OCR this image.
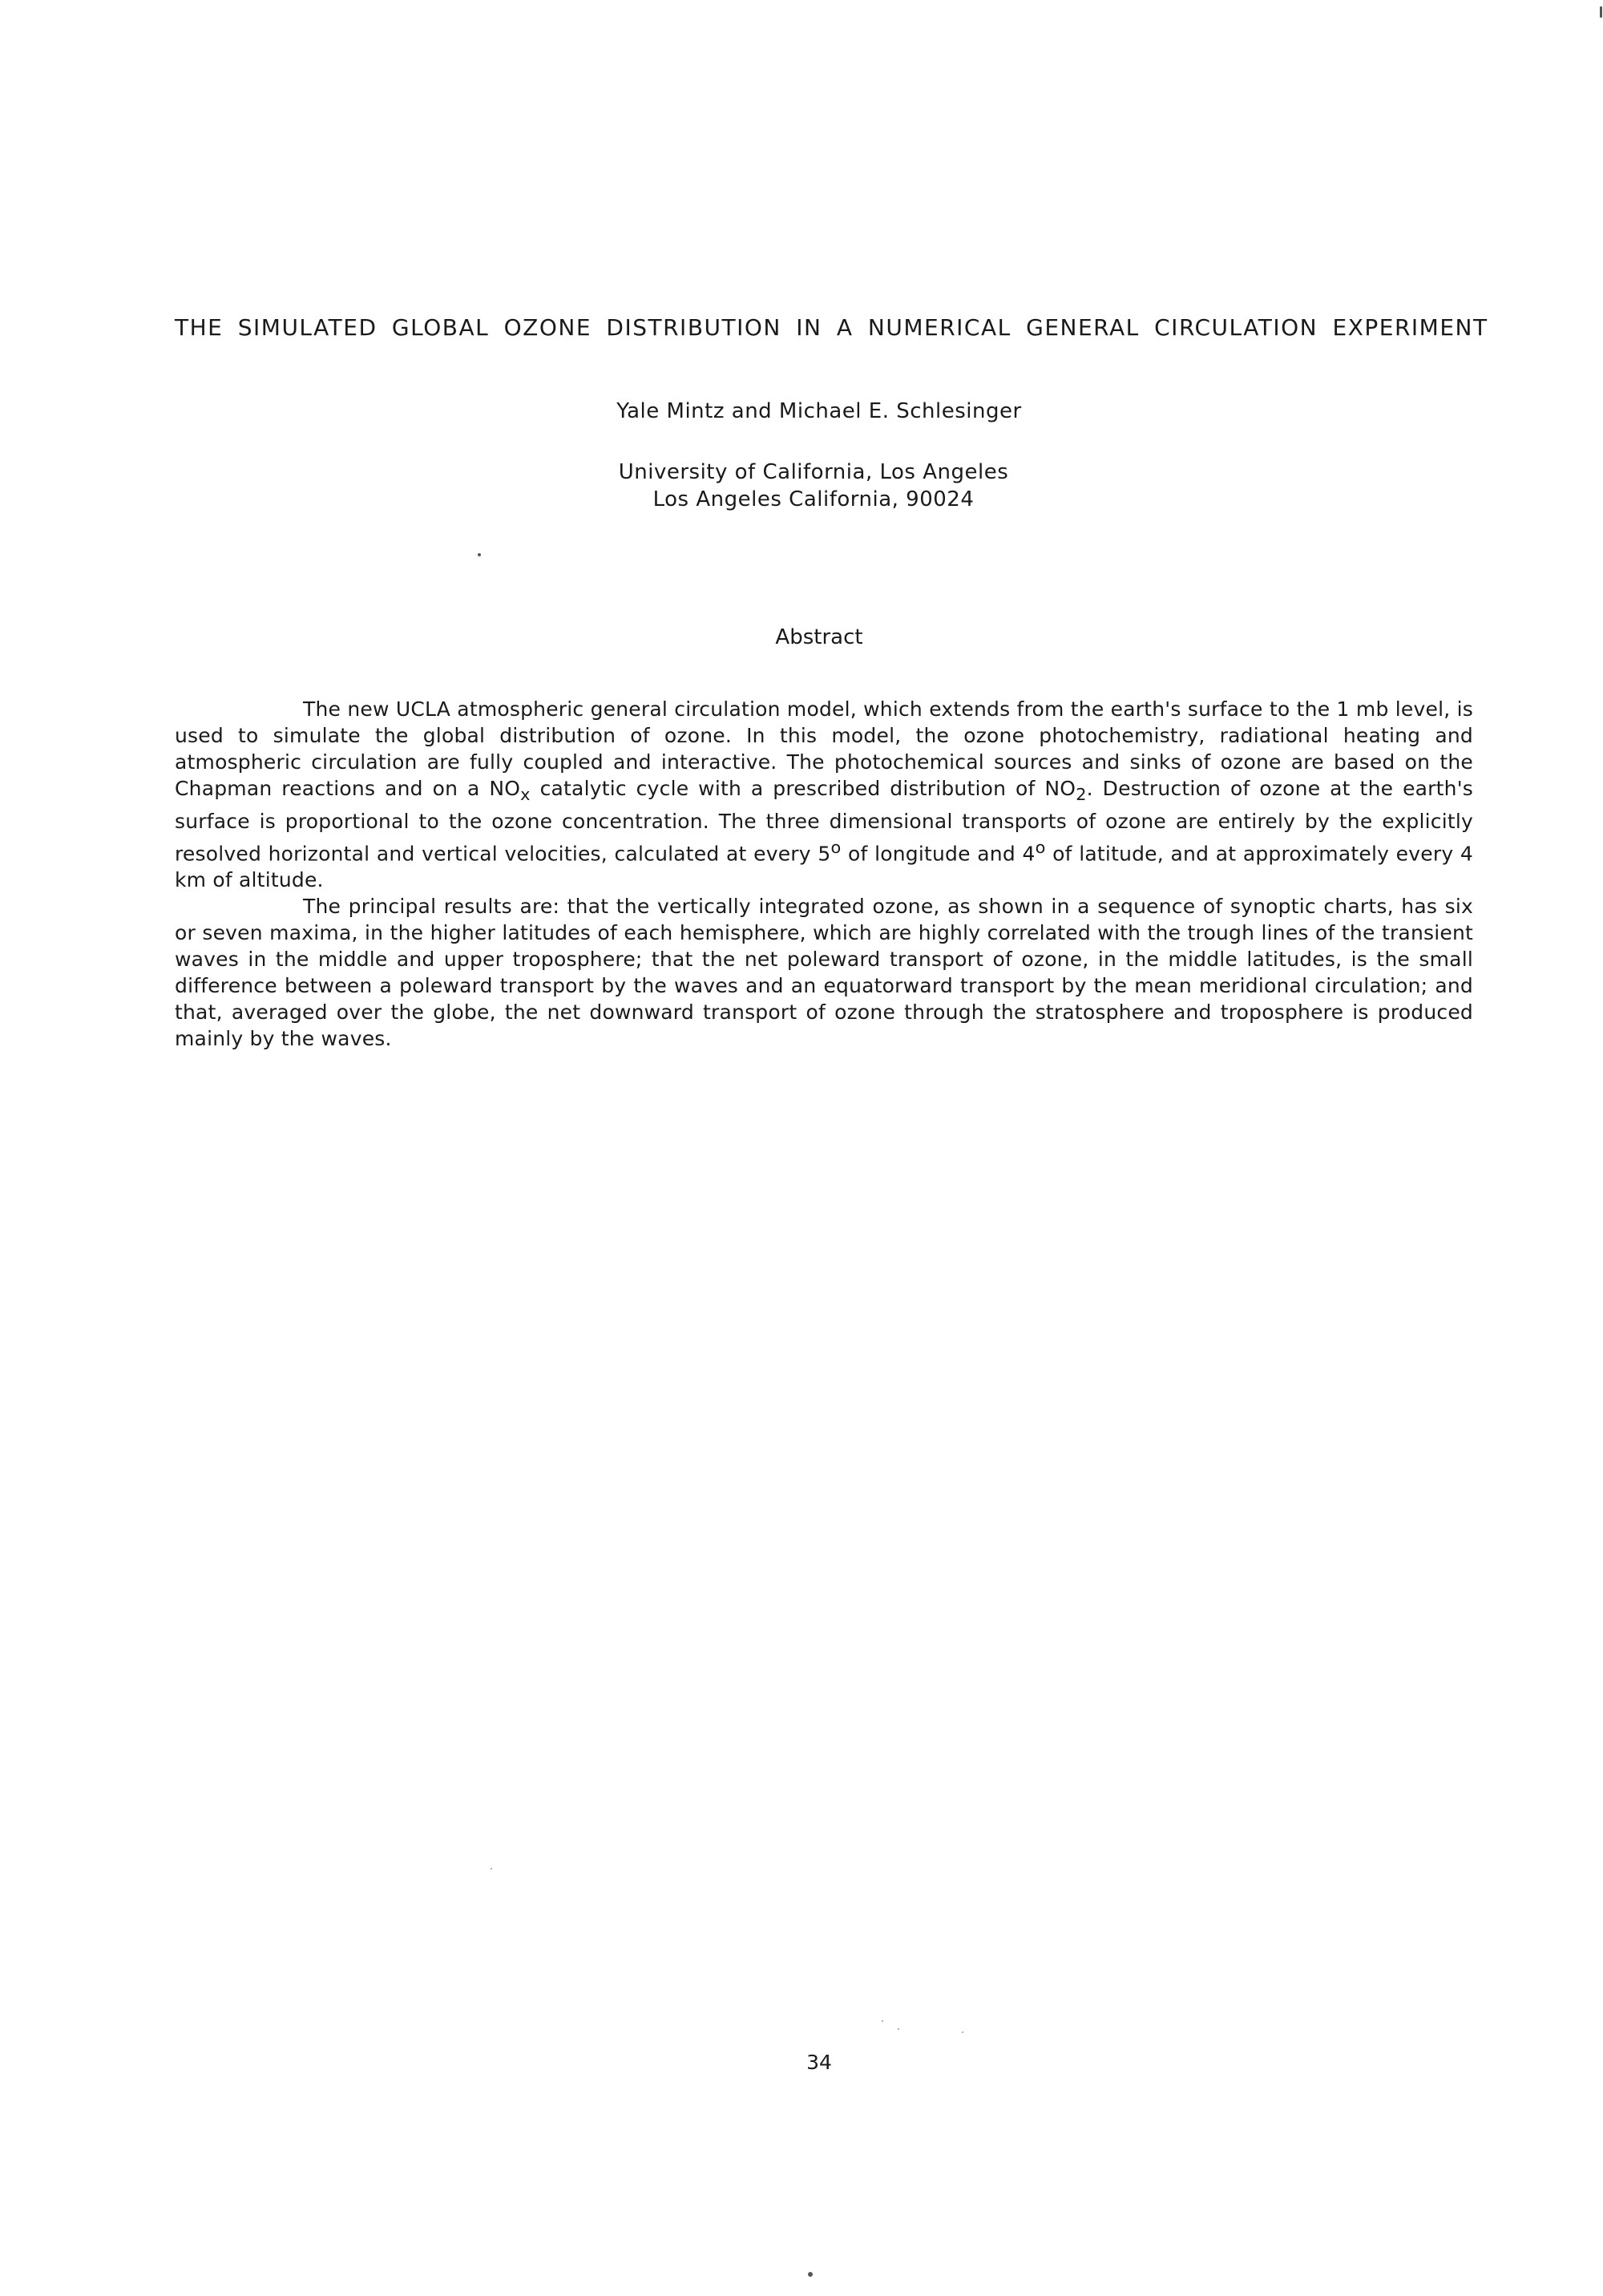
THE SIMULATED GLOBAL OZONE DISTRIBUTION IN A NUMERICAL GENERAL CIRCULATION EXPERIMENT
Yale Mintz and Michael E. Schlesinger
University of California, Los Angeles
Los Angeles California, 90024
Abstract

The new UCLA atmospheric general circulation model, which extends from the earth's surface to the 1 mb level, is used to simulate the global distribution of ozone. In this model, the ozone photochemistry, radiational heating and atmospheric circulation are fully coupled and interactive. The photochemical sources and sinks of ozone are based on the Chapman reactions and on a $NO_x$ catalytic cycle with a prescribed distribution of $NO_2$. Destruction of ozone at the earth's surface is proportional to the ozone concentration. The three dimensional transports of ozone are entirely by the explicitly resolved horizontal and vertical velocities, calculated at every 5$^o$ of longitude and 4$^o$ of latitude, and at approximately every 4 km of altitude.

The principal results are: that the vertically integrated ozone, as shown in a sequence of synoptic charts, has six or seven maxima, in the higher latitudes of each hemisphere, which are highly correlated with the trough lines of the transient waves in the middle and upper troposphere; that the net poleward transport of ozone, in the middle latitudes, is the small difference between a poleward transport by the waves and an equatorward transport by the mean meridional circulation; and that, averaged over the globe, the net downward transport of ozone through the stratosphere and troposphere is produced mainly by the waves.

34
